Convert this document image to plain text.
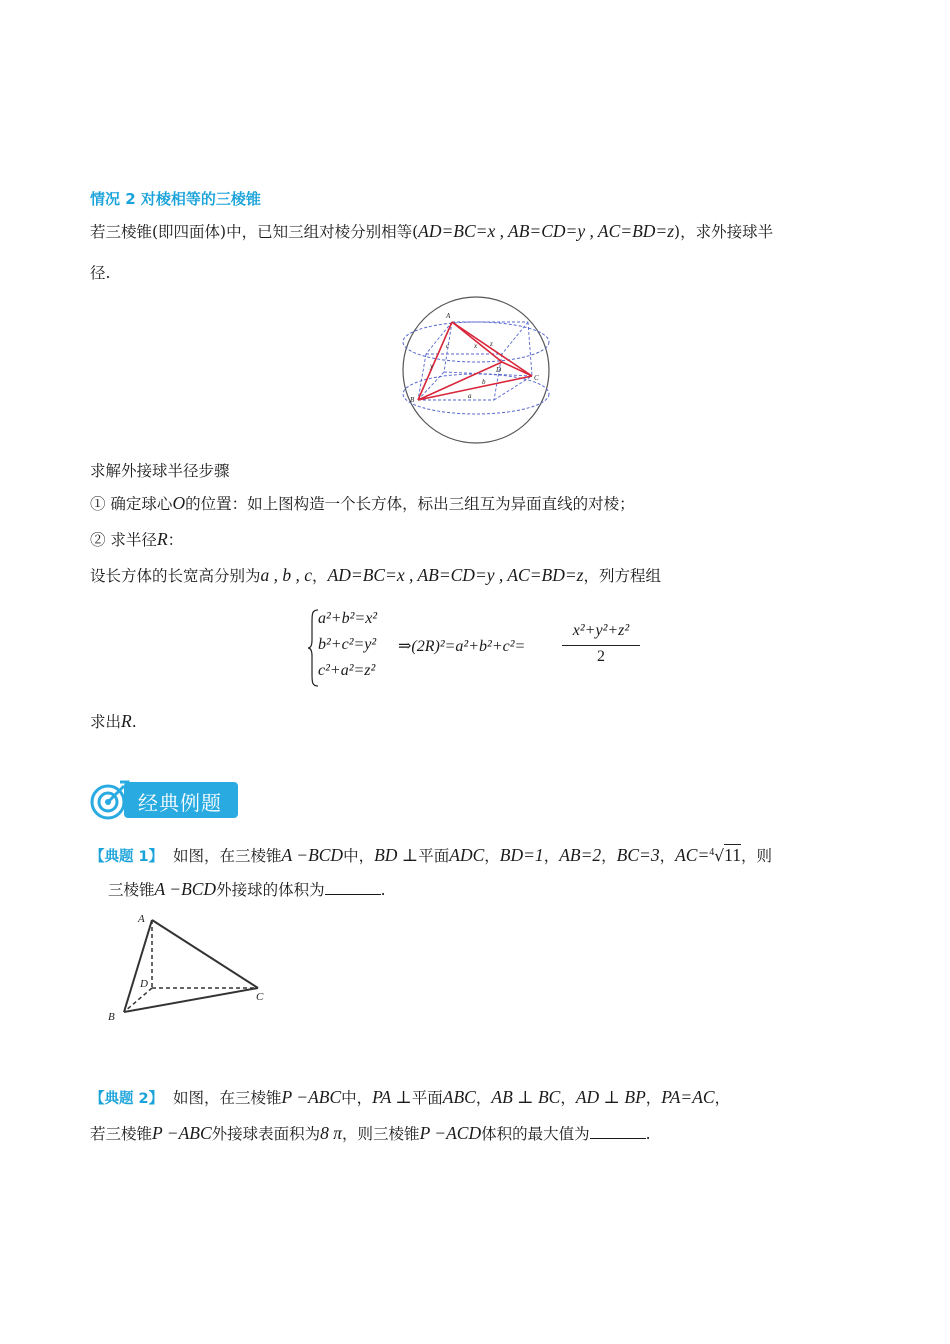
情况 2 对棱相等的三棱锥
若三棱锥(即四面体)中，已知三组对棱分别相等(AD=BC=x , AB=CD=y , AC=BD=z)，求外接球半
径.
A
B
C
D
x
y
z
a
b
c
求解外接球半径步骤
① 确定球心O的位置：如上图构造一个长方体，标出三组互为异面直线的对棱；
② 求半径R：
设长方体的长宽高分别为a , b , c，AD=BC=x , AB=CD=y , AC=BD=z，列方程组
a²+b²=x²
b²+c²=y²
c²+a²=z²
⇒(2R)²=a²+b²+c²=
x²+y²+z²
2
求出R.
经典例题
【典题 1】 如图，在三棱锥A −BCD中，BD ⊥平面ADC，BD=1，AB=2，BC=3，AC=$^4$√11，则
三棱锥A −BCD外接球的体积为	.
A
D
C
B
【典题 2】 如图，在三棱锥P −ABC中，PA ⊥平面ABC，AB ⊥ BC，AD ⊥ BP，PA=AC，
若三棱锥P −ABC外接球表面积为8 π，则三棱锥P −ACD体积的最大值为	.
